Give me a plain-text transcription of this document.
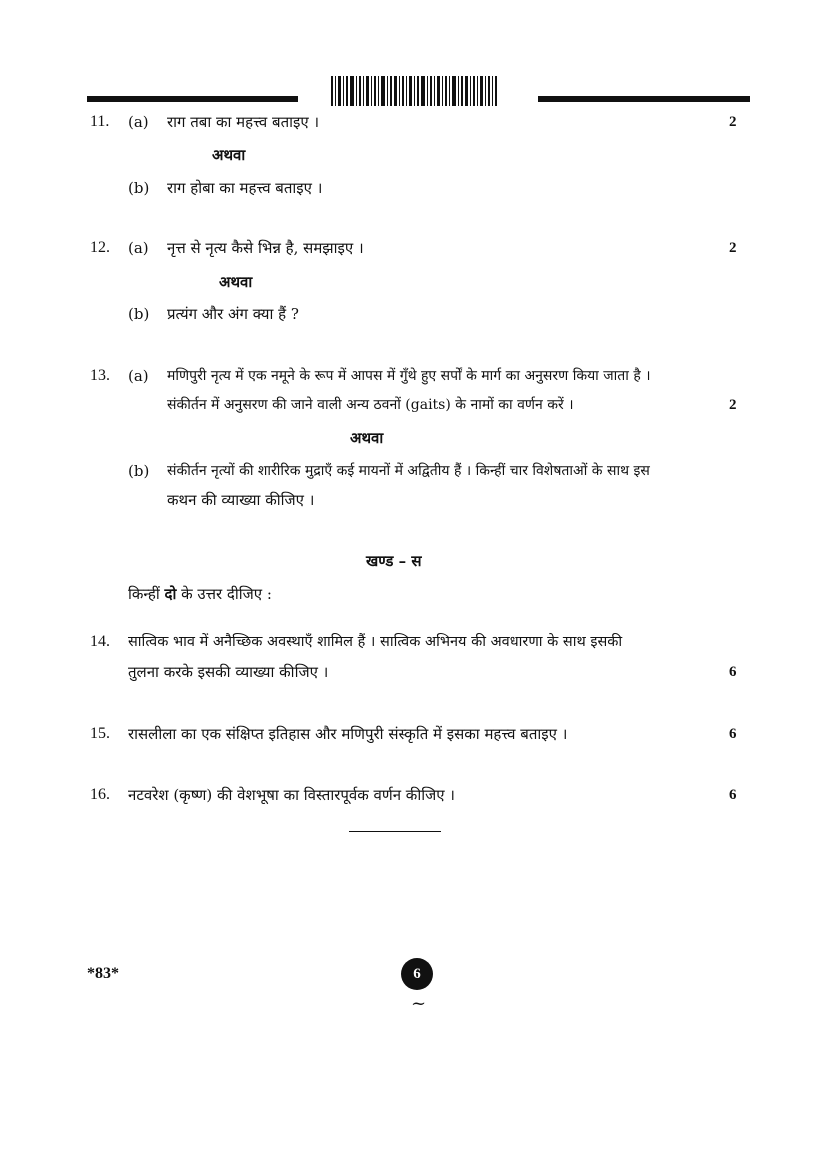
11. (a) राग तबा का महत्त्व बताइए ।	2
अथवा
(b) राग होबा का महत्त्व बताइए ।
12. (a) नृत्त से नृत्य कैसे भिन्न है, समझाइए ।	2
अथवा
(b) प्रत्यंग और अंग क्या हैं ?
13. (a) मणिपुरी नृत्य में एक नमूने के रूप में आपस में गुँथे हुए सर्पों के मार्ग का अनुसरण किया जाता है ।
संकीर्तन में अनुसरण की जाने वाली अन्य ठवनों (gaits) के नामों का वर्णन करें ।	2
अथवा
(b) संकीर्तन नृत्यों की शारीरिक मुद्राएँ कई मायनों में अद्वितीय हैं । किन्हीं चार विशेषताओं के साथ इस
कथन की व्याख्या कीजिए ।
खण्ड – स
किन्हीं दो के उत्तर दीजिए :
14. सात्विक भाव में अनैच्छिक अवस्थाएँ शामिल हैं । सात्विक अभिनय की अवधारणा के साथ इसकी
तुलना करके इसकी व्याख्या कीजिए ।	6
15. रासलीला का एक संक्षिप्त इतिहास और मणिपुरी संस्कृति में इसका महत्त्व बताइए ।	6
16. नटवरेश (कृष्ण) की वेशभूषा का विस्तारपूर्वक वर्णन कीजिए ।	6
*83*	6
~
